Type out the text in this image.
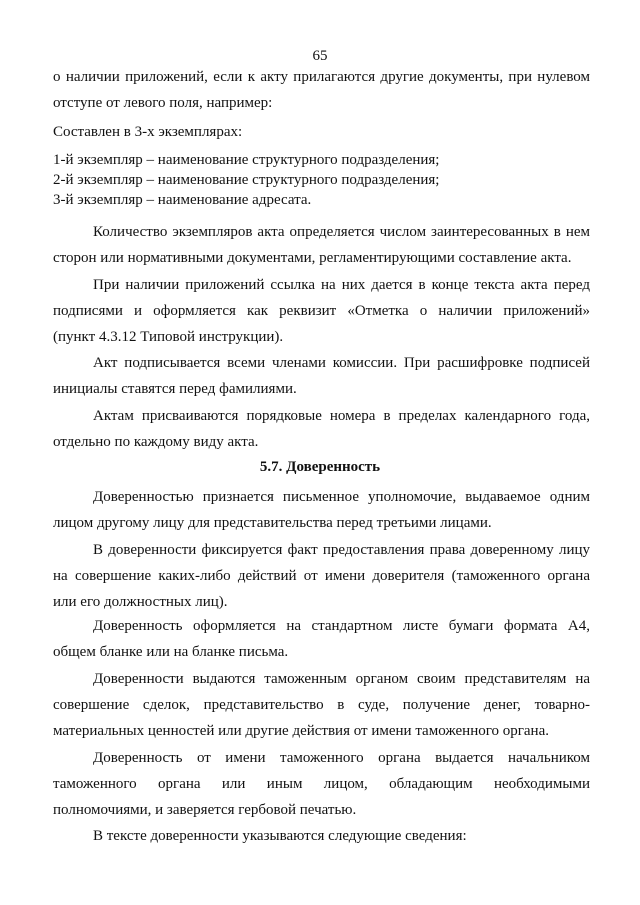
65
о наличии приложений, если к акту прилагаются другие документы, при нулевом
отступе от левого поля, например:
Составлен в 3-х экземплярах:
1-й экземпляр – наименование структурного подразделения;
2-й экземпляр – наименование структурного подразделения;
3-й экземпляр – наименование адресата.
Количество экземпляров акта определяется числом заинтересованных в нем
сторон или нормативными документами, регламентирующими составление акта.
При наличии приложений ссылка на них дается в конце текста акта перед
подписями и оформляется как реквизит «Отметка о наличии приложений»
(пункт 4.3.12 Типовой инструкции).
Акт подписывается всеми членами комиссии. При расшифровке подписей
инициалы ставятся перед фамилиями.
Актам присваиваются порядковые номера в пределах календарного года,
отдельно по каждому виду акта.
5.7. Доверенность
Доверенностью признается письменное уполномочие, выдаваемое одним
лицом другому лицу для представительства перед третьими лицами.
В доверенности фиксируется факт предоставления права доверенному лицу
на совершение каких-либо действий от имени доверителя (таможенного органа
или его должностных лиц).
Доверенность оформляется на стандартном листе бумаги формата А4,
общем бланке или на бланке письма.
Доверенности выдаются таможенным органом своим представителям на
совершение сделок, представительство в суде, получение денег, товарно-
материальных ценностей или другие действия от имени таможенного органа.
Доверенность от имени таможенного органа выдается начальником
таможенного органа или иным лицом, обладающим необходимыми
полномочиями, и заверяется гербовой печатью.
В тексте доверенности указываются следующие сведения:
